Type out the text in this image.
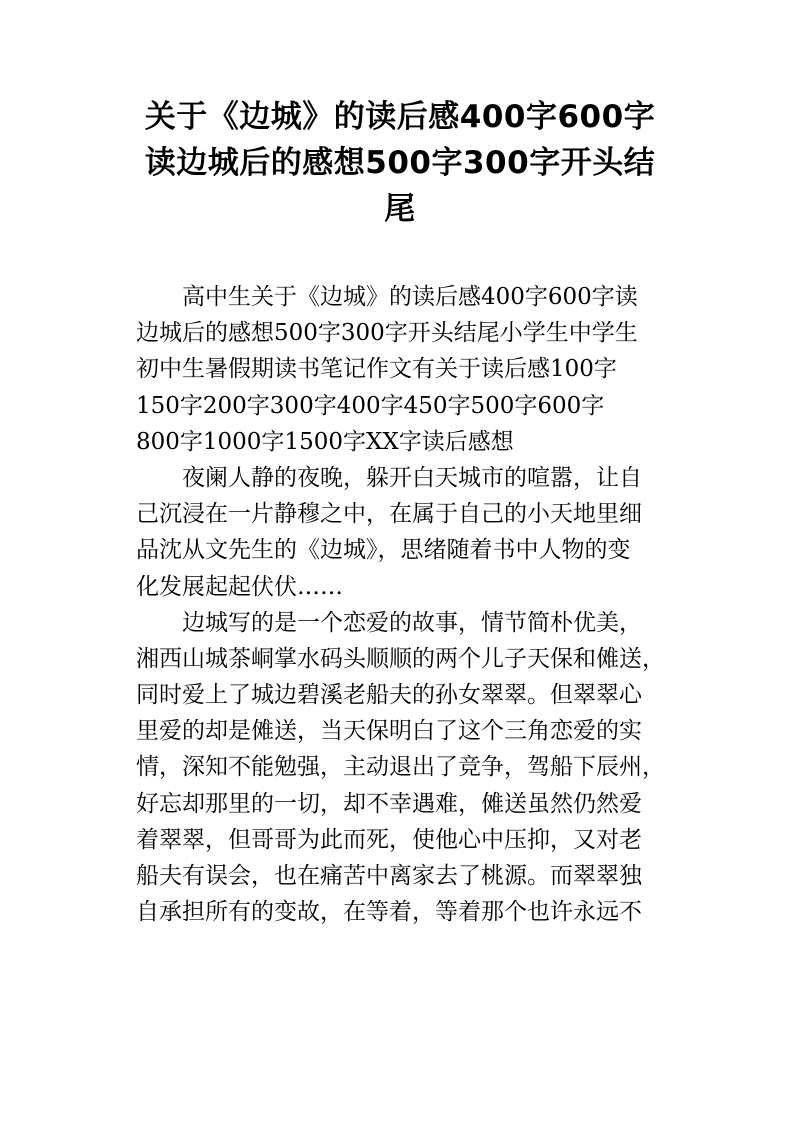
关于《边城》的读后感400字600字
读边城后的感想500字300字开头结
尾

　　高中生关于《边城》的读后感400字600字读
边城后的感想500字300字开头结尾小学生中学生
初中生暑假期读书笔记作文有关于读后感100字
150字200字300字400字450字500字600字
800字1000字1500字XX字读后感想

　　夜阑人静的夜晚，躲开白天城市的喧嚣，让自
己沉浸在一片静穆之中，在属于自己的小天地里细
品沈从文先生的《边城》，思绪随着书中人物的变
化发展起起伏伏……

　　边城写的是一个恋爱的故事，情节简朴优美，
湘西山城茶峒掌水码头顺顺的两个儿子天保和傩送，
同时爱上了城边碧溪老船夫的孙女翠翠。但翠翠心
里爱的却是傩送，当天保明白了这个三角恋爱的实
情，深知不能勉强，主动退出了竞争，驾船下辰州，
好忘却那里的一切，却不幸遇难，傩送虽然仍然爱
着翠翠，但哥哥为此而死，使他心中压抑，又对老
船夫有误会，也在痛苦中离家去了桃源。而翠翠独
自承担所有的变故，在等着，等着那个也许永远不
